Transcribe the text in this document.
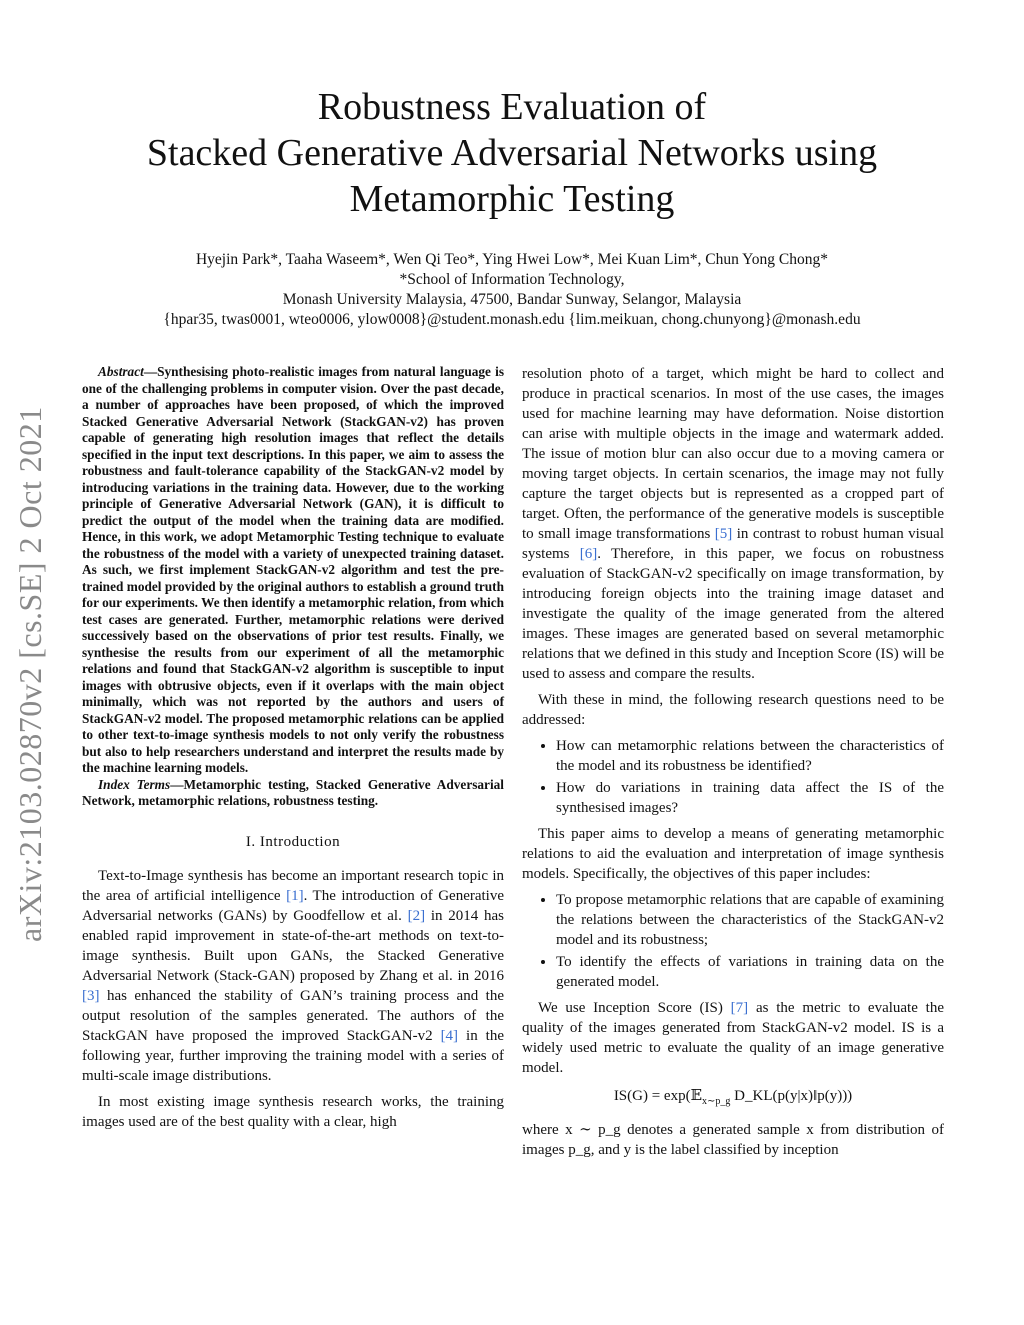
arXiv:2103.02870v2 [cs.SE] 2 Oct 2021
Robustness Evaluation of
Stacked Generative Adversarial Networks using
Metamorphic Testing
Hyejin Park*, Taaha Waseem*, Wen Qi Teo*, Ying Hwei Low*, Mei Kuan Lim*, Chun Yong Chong*
*School of Information Technology,
Monash University Malaysia, 47500, Bandar Sunway, Selangor, Malaysia
{hpar35, twas0001, wteo0006, ylow0008}@student.monash.edu {lim.meikuan, chong.chunyong}@monash.edu

Abstract—Synthesising photo-realistic images from natural language is one of the challenging problems in computer vision. Over the past decade, a number of approaches have been proposed, of which the improved Stacked Generative Adversarial Network (StackGAN-v2) has proven capable of generating high resolution images that reflect the details specified in the input text descriptions. In this paper, we aim to assess the robustness and fault-tolerance capability of the StackGAN-v2 model by introducing variations in the training data. However, due to the working principle of Generative Adversarial Network (GAN), it is difficult to predict the output of the model when the training data are modified. Hence, in this work, we adopt Metamorphic Testing technique to evaluate the robustness of the model with a variety of unexpected training dataset. As such, we first implement StackGAN-v2 algorithm and test the pre-trained model provided by the original authors to establish a ground truth for our experiments. We then identify a metamorphic relation, from which test cases are generated. Further, metamorphic relations were derived successively based on the observations of prior test results. Finally, we synthesise the results from our experiment of all the metamorphic relations and found that StackGAN-v2 algorithm is susceptible to input images with obtrusive objects, even if it overlaps with the main object minimally, which was not reported by the authors and users of StackGAN-v2 model. The proposed metamorphic relations can be applied to other text-to-image synthesis models to not only verify the robustness but also to help researchers understand and interpret the results made by the machine learning models.

Index Terms—Metamorphic testing, Stacked Generative Adversarial Network, metamorphic relations, robustness testing.

I. Introduction

Text-to-Image synthesis has become an important research topic in the area of artificial intelligence [1]. The introduction of Generative Adversarial networks (GANs) by Goodfellow et al. [2] in 2014 has enabled rapid improvement in state-of-the-art methods on text-to-image synthesis. Built upon GANs, the Stacked Generative Adversarial Network (Stack-GAN) proposed by Zhang et al. in 2016 [3] has enhanced the stability of GAN’s training process and the output resolution of the samples generated. The authors of the StackGAN have proposed the improved StackGAN-v2 [4] in the following year, further improving the training model with a series of multi-scale image distributions.

In most existing image synthesis research works, the training images used are of the best quality with a clear, high

resolution photo of a target, which might be hard to collect and produce in practical scenarios. In most of the use cases, the images used for machine learning may have deformation. Noise distortion can arise with multiple objects in the image and watermark added. The issue of motion blur can also occur due to a moving camera or moving target objects. In certain scenarios, the image may not fully capture the target objects but is represented as a cropped part of target. Often, the performance of the generative models is susceptible to small image transformations [5] in contrast to robust human visual systems [6]. Therefore, in this paper, we focus on robustness evaluation of StackGAN-v2 specifically on image transformation, by introducing foreign objects into the training image dataset and investigate the quality of the image generated from the altered images. These images are generated based on several metamorphic relations that we defined in this study and Inception Score (IS) will be used to assess and compare the results.

With these in mind, the following research questions need to be addressed:

• How can metamorphic relations between the characteristics of the model and its robustness be identified?
• How do variations in training data affect the IS of the synthesised images?

This paper aims to develop a means of generating metamorphic relations to aid the evaluation and interpretation of image synthesis models. Specifically, the objectives of this paper includes:

• To propose metamorphic relations that are capable of examining the relations between the characteristics of the StackGAN-v2 model and its robustness;
• To identify the effects of variations in training data on the generated model.

We use Inception Score (IS) [7] as the metric to evaluate the quality of the images generated from StackGAN-v2 model. IS is a widely used metric to evaluate the quality of an image generative model.

IS(G) = exp(𝔼$_{x\sim p\_g}$ D_KL(p(y|x)‖p(y)))

where x ∼ p_g denotes a generated sample x from distribution of images p_g, and y is the label classified by inception
